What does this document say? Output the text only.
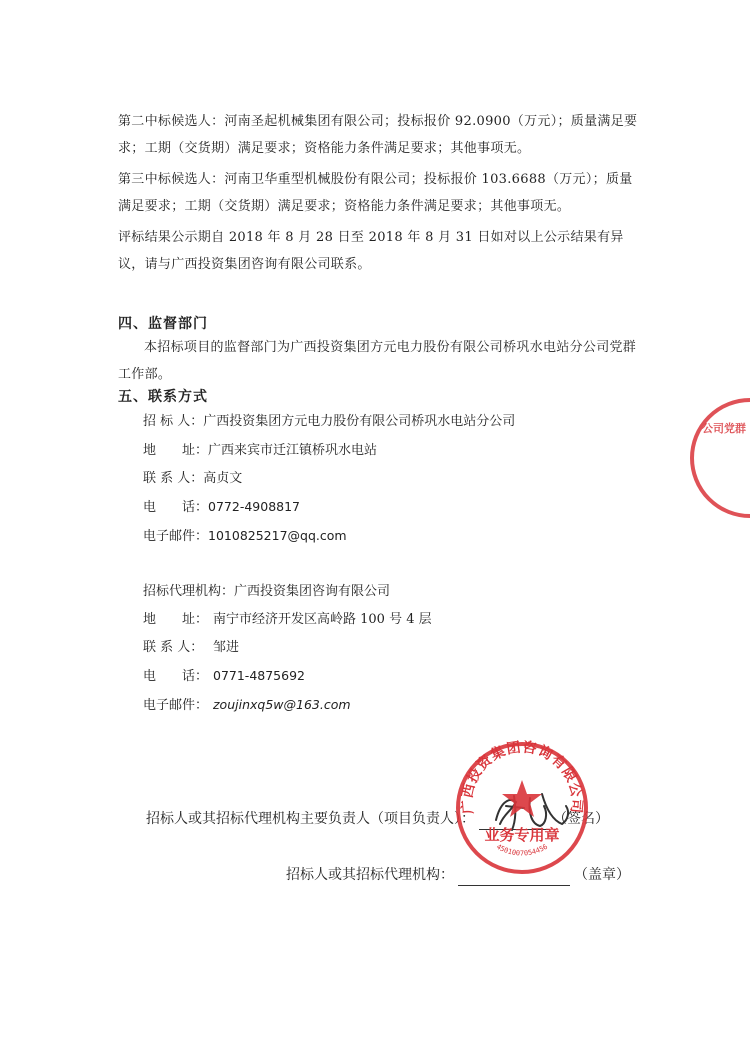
第二中标候选人：河南圣起机械集团有限公司；投标报价 92.0900（万元）；质量满足要求；工期（交货期）满足要求；资格能力条件满足要求；其他事项无。
第三中标候选人：河南卫华重型机械股份有限公司；投标报价 103.6688（万元）；质量满足要求；工期（交货期）满足要求；资格能力条件满足要求；其他事项无。
评标结果公示期自 2018 年 8 月 28 日至 2018 年 8 月 31 日如对以上公示结果有异议，请与广西投资集团咨询有限公司联系。
四、监督部门
本招标项目的监督部门为广西投资集团方元电力股份有限公司桥巩水电站分公司党群工作部。
五、联系方式
招 标 人：广西投资集团方元电力股份有限公司桥巩水电站分公司
地　　址：广西来宾市迁江镇桥巩水电站
联 系 人：高贞文
电　　话：0772-4908817
电子邮件：1010825217@qq.com
招标代理机构：广西投资集团咨询有限公司
地　　址： 南宁市经济开发区高岭路 100 号 4 层
联 系 人： 邹进
电　　话： 0771-4875692
电子邮件： zoujinxq5w@163.com
招标人或其招标代理机构主要负责人（项目负责人）：	（签名）
招标人或其招标代理机构：	（盖章）
广西投资集团咨询有限公司
业务专用章
4501007054456
公司党群
